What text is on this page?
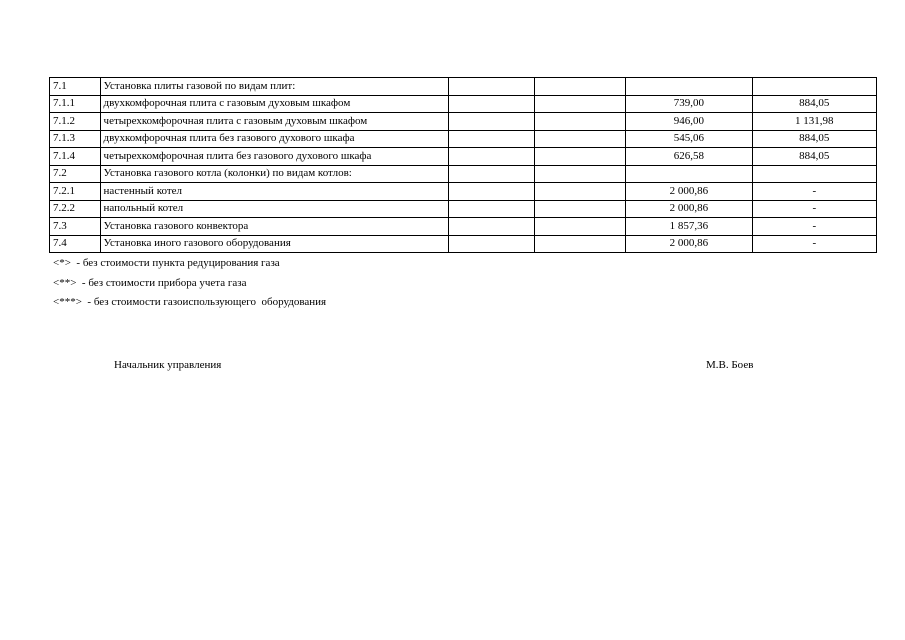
7.1	Установка плиты газовой по видам плит:				
7.1.1	двухкомфорочная плита с газовым духовым шкафом			739,00	884,05
7.1.2	четырехкомфорочная плита с газовым духовым шкафом			946,00	1 131,98
7.1.3	двухкомфорочная плита без газового духового шкафа			545,06	884,05
7.1.4	четырехкомфорочная плита без газового духового шкафа			626,58	884,05
7.2	Установка газового котла (колонки) по видам котлов:				
7.2.1	настенный котел			2 000,86	-
7.2.2	напольный котел			2 000,86	-
7.3	Установка газового конвектора			1 857,36	-
7.4	Установка иного газового оборудования			2 000,86	-
<*>  - без стоимости пункта редуцирования газа
<**>  - без стоимости прибора учета газа
<***>  - без стоимости газоиспользующего  оборудования
Начальник управления	М.В. Боев
